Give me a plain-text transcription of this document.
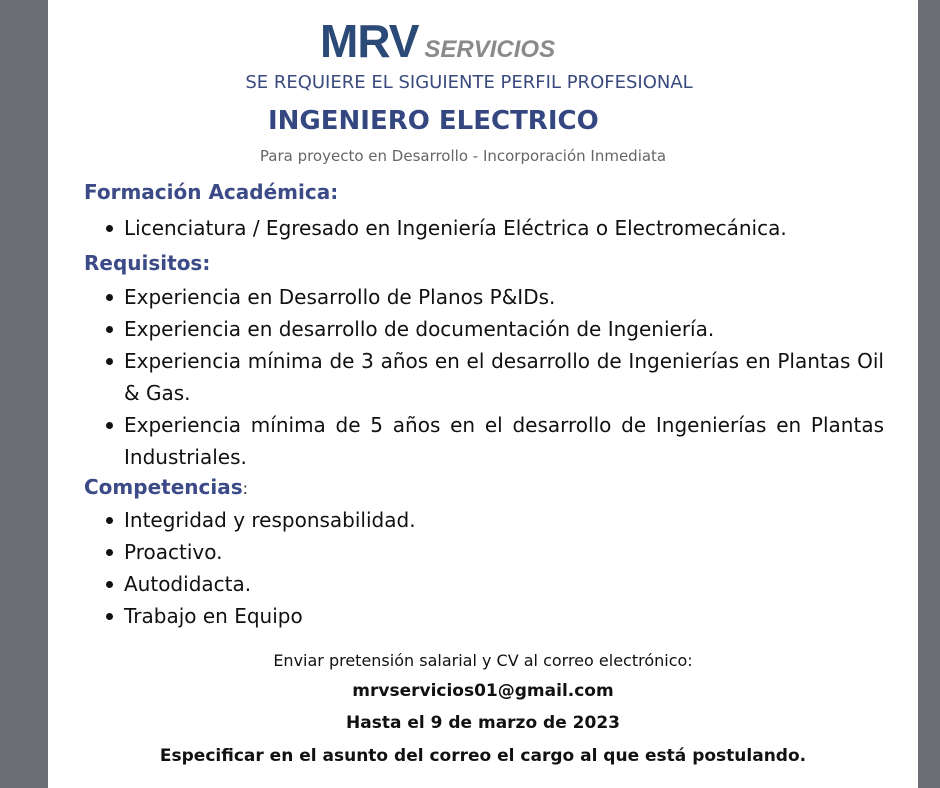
MRV SERVICIOS
SE REQUIERE EL SIGUIENTE PERFIL PROFESIONAL
INGENIERO ELECTRICO
Para proyecto en Desarrollo - Incorporación Inmediata
Formación Académica:
Licenciatura / Egresado en Ingeniería Eléctrica o Electromecánica.
Requisitos:
Experiencia en Desarrollo de Planos P&IDs.
Experiencia en desarrollo de documentación de Ingeniería.
Experiencia mínima de 3 años en el desarrollo de Ingenierías en Plantas Oil & Gas.
Experiencia mínima de 5 años en el desarrollo de Ingenierías en Plantas Industriales.
Competencias:
Integridad y responsabilidad.
Proactivo.
Autodidacta.
Trabajo en Equipo
Enviar pretensión salarial y CV al correo electrónico:
mrvservicios01@gmail.com
Hasta el 9 de marzo de 2023
Especificar en el asunto del correo el cargo al que está postulando.
